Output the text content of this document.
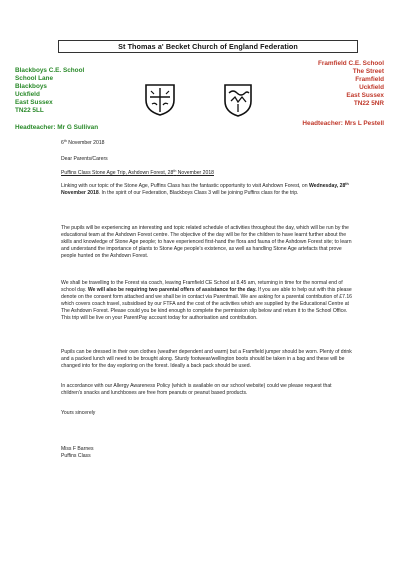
St Thomas a' Becket Church of England Federation
Blackboys C.E. School
School Lane
Blackboys
Uckfield
East Sussex
TN22 5LL
Framfield C.E. School
The Street
Framfield
Uckfield
East Sussex
TN22 5NR
Headteacher: Mr G Sullivan
Headteacher: Mrs L Pestell
6th November 2018
Dear Parents/Carers
Puffins Class Stone Age Trip, Ashdown Forest, 28th November 2018

Linking with our topic of the Stone Age, Puffins Class has the fantastic opportunity to visit Ashdown Forest, on Wednesday, 28th November 2018. In the spirit of our Federation, Blackboys Class 3 will be joining Puffins class for the trip.

The pupils will be experiencing an interesting and topic related schedule of activities throughout the day, which will be run by the educational team at the Ashdown Forest centre. The objective of the day will be for the children to have learnt further about the skills and knowledge of Stone Age people; to have experienced first-hand the flora and fauna of the Ashdown Forest site; to learn and understand the importance of plants to Stone Age people's existence, as well as handling Stone Age artefacts that prove people hunted on the Ashdown Forest.

We shall be travelling to the Forest via coach, leaving Framfield CE School at 8.45 am, returning in time for the normal end of school day. We will also be requiring two parental offers of assistance for the day. If you are able to help out with this please denote on the consent form attached and we shall be in contact via Parentmail. We are asking for a parental contribution of £7.16 which covers coach travel, subsidised by our FTFA and the cost of the activities which are supplied by the Educational Centre at The Ashdown Forest. Please could you be kind enough to complete the permission slip below and return it to the School Office. This trip will be live on your ParentPay account today for authorisation and contribution.

Pupils can be dressed in their own clothes (weather dependent and warm) but a Framfield jumper should be worn. Plenty of drink and a packed lunch will need to be brought along. Sturdy footwear/wellington boots should be taken in a bag and these will be changed into for the day exploring on the forest. Ideally a back pack should be used.

In accordance with our Allergy Awareness Policy (which is available on our school website) could we please request that children's snacks and lunchboxes are free from peanuts or peanut based products.

Yours sincerely
Miss F Barnes
Puffins Class
